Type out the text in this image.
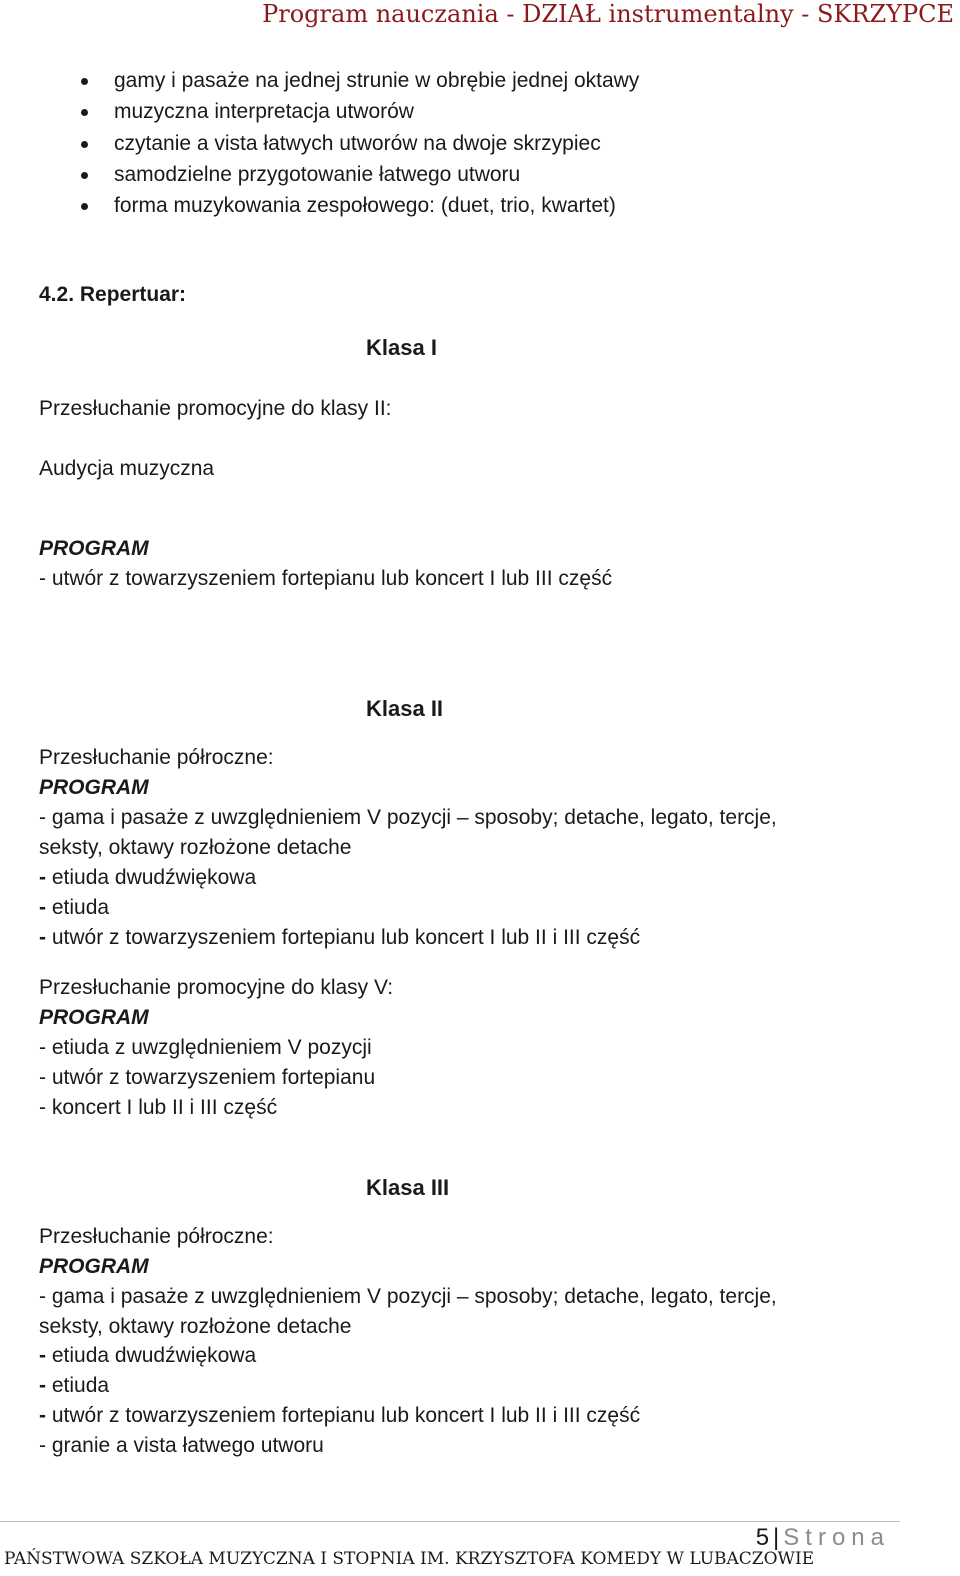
Program nauczania - DZIAŁ instrumentalny - SKRZYPCE
gamy i pasaże na jednej strunie w obrębie jednej oktawy
muzyczna interpretacja utworów
czytanie a vista łatwych utworów na dwoje skrzypiec
samodzielne przygotowanie łatwego utworu
forma muzykowania zespołowego: (duet, trio, kwartet)
4.2. Repertuar:
Klasa I
Przesłuchanie promocyjne do klasy II:
Audycja muzyczna
PROGRAM
- utwór z towarzyszeniem fortepianu lub koncert I lub III część
Klasa II
Przesłuchanie półroczne:
PROGRAM
- gama i pasaże z uwzględnieniem V pozycji – sposoby; detache, legato, tercje,
seksty, oktawy rozłożone detache
- etiuda dwudźwiękowa
- etiuda
- utwór z towarzyszeniem fortepianu lub koncert I lub II i III część
Przesłuchanie promocyjne do klasy V:
PROGRAM
- etiuda z uwzględnieniem V pozycji
- utwór z towarzyszeniem fortepianu
- koncert I lub II i III część
Klasa III
Przesłuchanie półroczne:
PROGRAM
- gama i pasaże z uwzględnieniem V pozycji – sposoby; detache, legato, tercje,
seksty, oktawy rozłożone detache
- etiuda dwudźwiękowa
- etiuda
- utwór z towarzyszeniem fortepianu lub koncert I lub II i III część
- granie a vista łatwego utworu
5 | Strona
PAŃSTWOWA SZKOŁA MUZYCZNA I STOPNIA IM. KRZYSZTOFA KOMEDY W LUBACZOWIE
